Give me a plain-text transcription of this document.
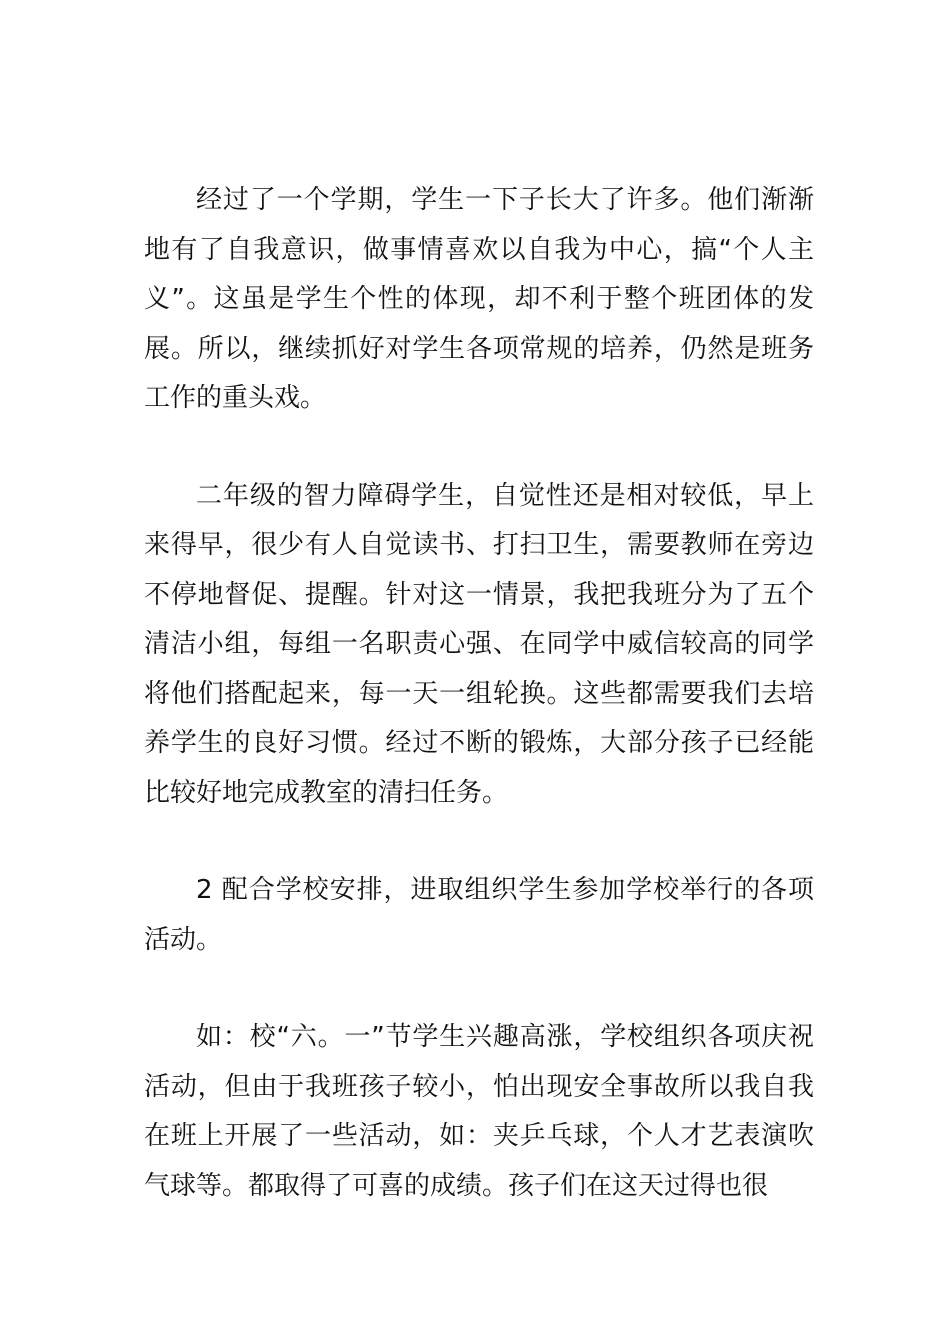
经过了一个学期，学生一下子长大了许多。他们渐渐地有了自我意识，做事情喜欢以自我为中心，搞“个人主义”。这虽是学生个性的体现，却不利于整个班团体的发展。所以，继续抓好对学生各项常规的培养，仍然是班务工作的重头戏。

二年级的智力障碍学生，自觉性还是相对较低，早上来得早，很少有人自觉读书、打扫卫生，需要教师在旁边不停地督促、提醒。针对这一情景，我把我班分为了五个清洁小组，每组一名职责心强、在同学中威信较高的同学将他们搭配起来，每一天一组轮换。这些都需要我们去培养学生的良好习惯。经过不断的锻炼，大部分孩子已经能比较好地完成教室的清扫任务。

2 配合学校安排，进取组织学生参加学校举行的各项活动。

如：校“六。一”节学生兴趣高涨，学校组织各项庆祝活动，但由于我班孩子较小，怕出现安全事故所以我自我在班上开展了一些活动，如：夹乒乓球，个人才艺表演吹气球等。都取得了可喜的成绩。孩子们在这天过得也很
